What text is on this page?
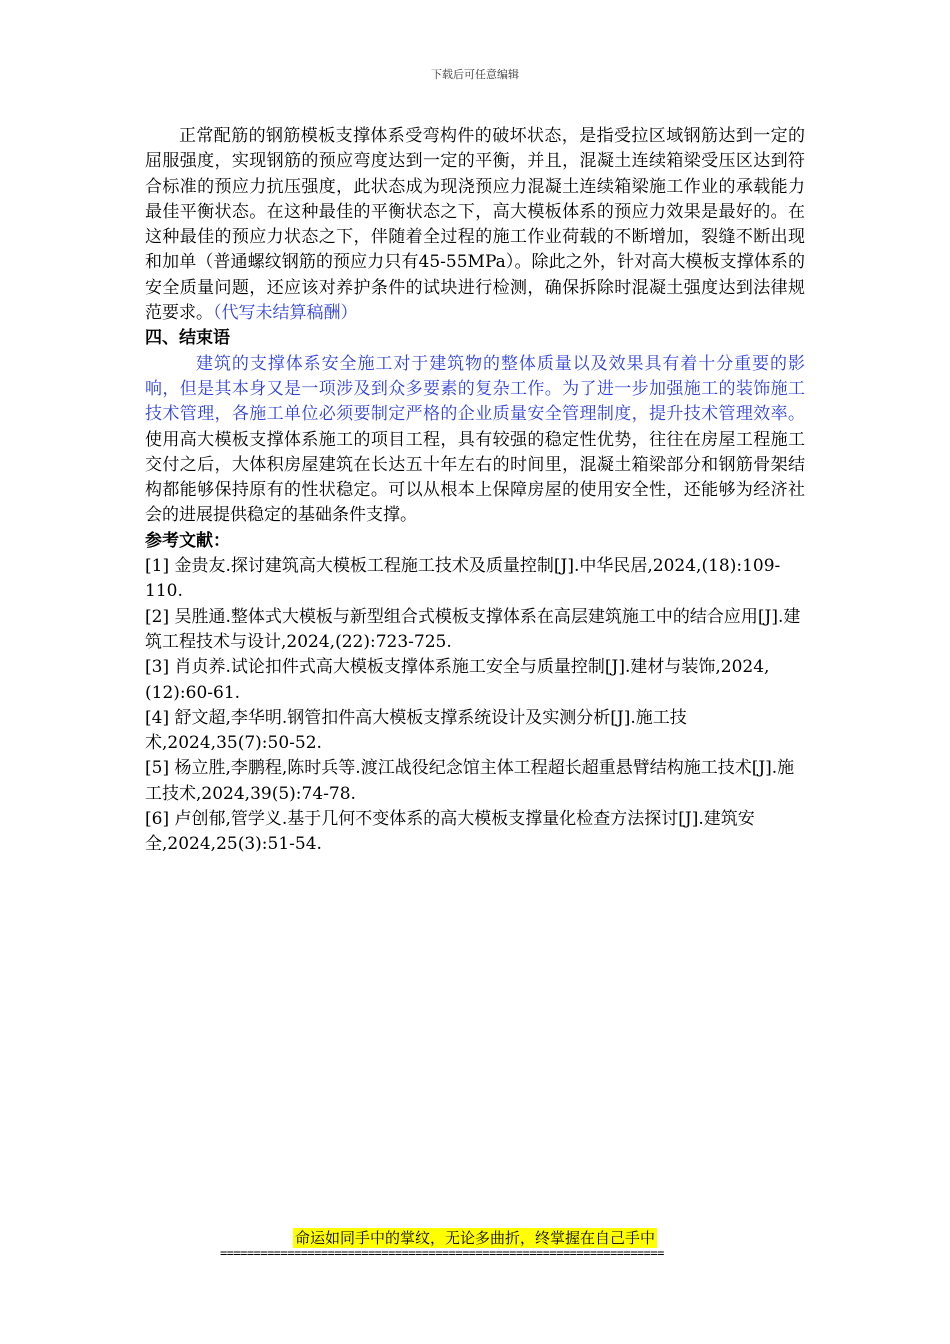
下载后可任意编辑

正常配筋的钢筋模板支撑体系受弯构件的破坏状态，是指受拉区域钢筋达到一定的屈服强度，实现钢筋的预应弯度达到一定的平衡，并且，混凝土连续箱梁受压区达到符合标准的预应力抗压强度，此状态成为现浇预应力混凝土连续箱梁施工作业的承载能力最佳平衡状态。在这种最佳的平衡状态之下，高大模板体系的预应力效果是最好的。在这种最佳的预应力状态之下，伴随着全过程的施工作业荷载的不断增加，裂缝不断出现和加单（普通螺纹钢筋的预应力只有45-55MPa）。除此之外，针对高大模板支撑体系的安全质量问题，还应该对养护条件的试块进行检测，确保拆除时混凝土强度达到法律规范要求。（代写未结算稿酬）

四、结束语

建筑的支撑体系安全施工对于建筑物的整体质量以及效果具有着十分重要的影响，但是其本身又是一项涉及到众多要素的复杂工作。为了进一步加强施工的装饰施工技术管理，各施工单位必须要制定严格的企业质量安全管理制度，提升技术管理效率。使用高大模板支撑体系施工的项目工程，具有较强的稳定性优势，往往在房屋工程施工交付之后，大体积房屋建筑在长达五十年左右的时间里，混凝土箱梁部分和钢筋骨架结构都能够保持原有的性状稳定。可以从根本上保障房屋的使用安全性，还能够为经济社会的进展提供稳定的基础条件支撑。

参考文献：

[1] 金贵友.探讨建筑高大模板工程施工技术及质量控制[J].中华民居,2024,(18):109-110.

[2] 吴胜通.整体式大模板与新型组合式模板支撑体系在高层建筑施工中的结合应用[J].建筑工程技术与设计,2024,(22):723-725.

[3] 肖贞养.试论扣件式高大模板支撑体系施工安全与质量控制[J].建材与装饰,2024,(12):60-61.

[4] 舒文超,李华明.钢管扣件高大模板支撑系统设计及实测分析[J].施工技术,2024,35(7):50-52.

[5] 杨立胜,李鹏程,陈时兵等.渡江战役纪念馆主体工程超长超重悬臂结构施工技术[J].施工技术,2024,39(5):74-78.

[6] 卢创郁,管学义.基于几何不变体系的高大模板支撑量化检查方法探讨[J].建筑安全,2024,25(3):51-54.

命运如同手中的掌纹，无论多曲折，终掌握在自己手中
==================================================================
